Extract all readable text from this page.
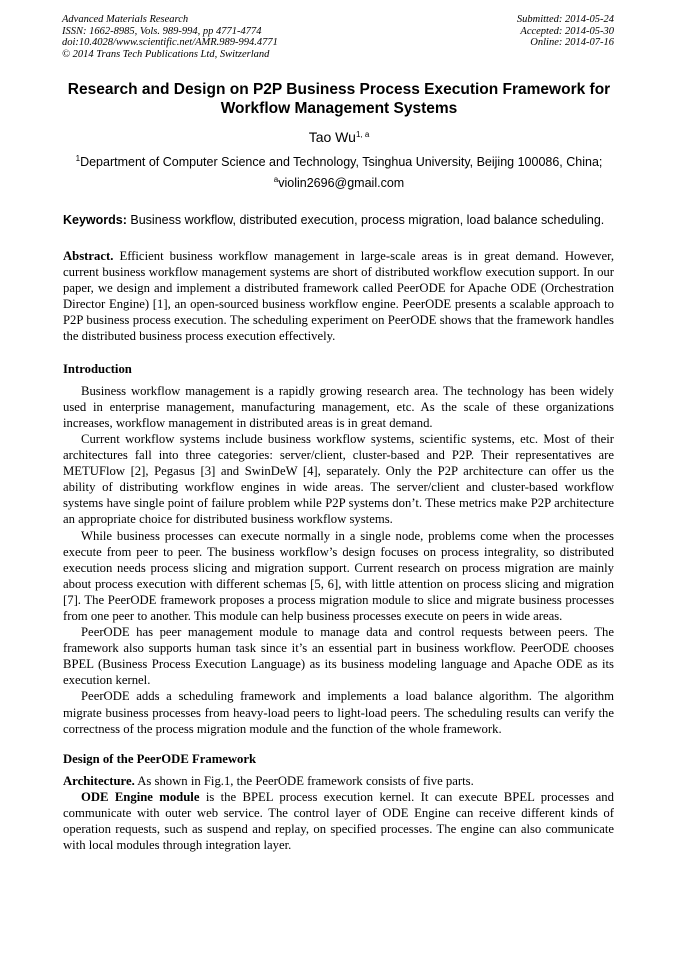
Advanced Materials Research
ISSN: 1662-8985, Vols. 989-994, pp 4771-4774
doi:10.4028/www.scientific.net/AMR.989-994.4771
© 2014 Trans Tech Publications Ltd, Switzerland
Submitted: 2014-05-24
Accepted: 2014-05-30
Online: 2014-07-16
Research and Design on P2P Business Process Execution Framework for Workflow Management Systems
Tao Wu$^{1, a}$
$^1$Department of Computer Science and Technology, Tsinghua University, Beijing 100086, China;
$^a$violin2696@gmail.com
Keywords: Business workflow, distributed execution, process migration, load balance scheduling.

Abstract. Efficient business workflow management in large-scale areas is in great demand. However, current business workflow management systems are short of distributed workflow execution support. In our paper, we design and implement a distributed framework called PeerODE for Apache ODE (Orchestration Director Engine) [1], an open-sourced business workflow engine. PeerODE presents a scalable approach to P2P business process execution. The scheduling experiment on PeerODE shows that the framework handles the distributed business process execution effectively.

Introduction

Business workflow management is a rapidly growing research area. The technology has been widely used in enterprise management, manufacturing management, etc. As the scale of these organizations increases, workflow management in distributed areas is in great demand.

Current workflow systems include business workflow systems, scientific systems, etc. Most of their architectures fall into three categories: server/client, cluster-based and P2P. Their representatives are METUFlow [2], Pegasus [3] and SwinDeW [4], separately. Only the P2P architecture can offer us the ability of distributing workflow engines in wide areas. The server/client and cluster-based workflow systems have single point of failure problem while P2P systems don’t. These metrics make P2P architecture an appropriate choice for distributed business workflow systems.

While business processes can execute normally in a single node, problems come when the processes execute from peer to peer. The business workflow’s design focuses on process integrality, so distributed execution needs process slicing and migration support. Current research on process migration are mainly about process execution with different schemas [5, 6], with little attention on process slicing and migration [7]. The PeerODE framework proposes a process migration module to slice and migrate business processes from one peer to another. This module can help business processes execute on peers in wide areas.

PeerODE has peer management module to manage data and control requests between peers. The framework also supports human task since it’s an essential part in business workflow. PeerODE chooses BPEL (Business Process Execution Language) as its business modeling language and Apache ODE as its execution kernel.

PeerODE adds a scheduling framework and implements a load balance algorithm. The algorithm migrate business processes from heavy-load peers to light-load peers. The scheduling results can verify the correctness of the process migration module and the function of the whole framework.

Design of the PeerODE Framework

Architecture. As shown in Fig.1, the PeerODE framework consists of five parts.

ODE Engine module is the BPEL process execution kernel. It can execute BPEL processes and communicate with outer web service. The control layer of ODE Engine can receive different kinds of operation requests, such as suspend and replay, on specified processes. The engine can also communicate with local modules through integration layer.
